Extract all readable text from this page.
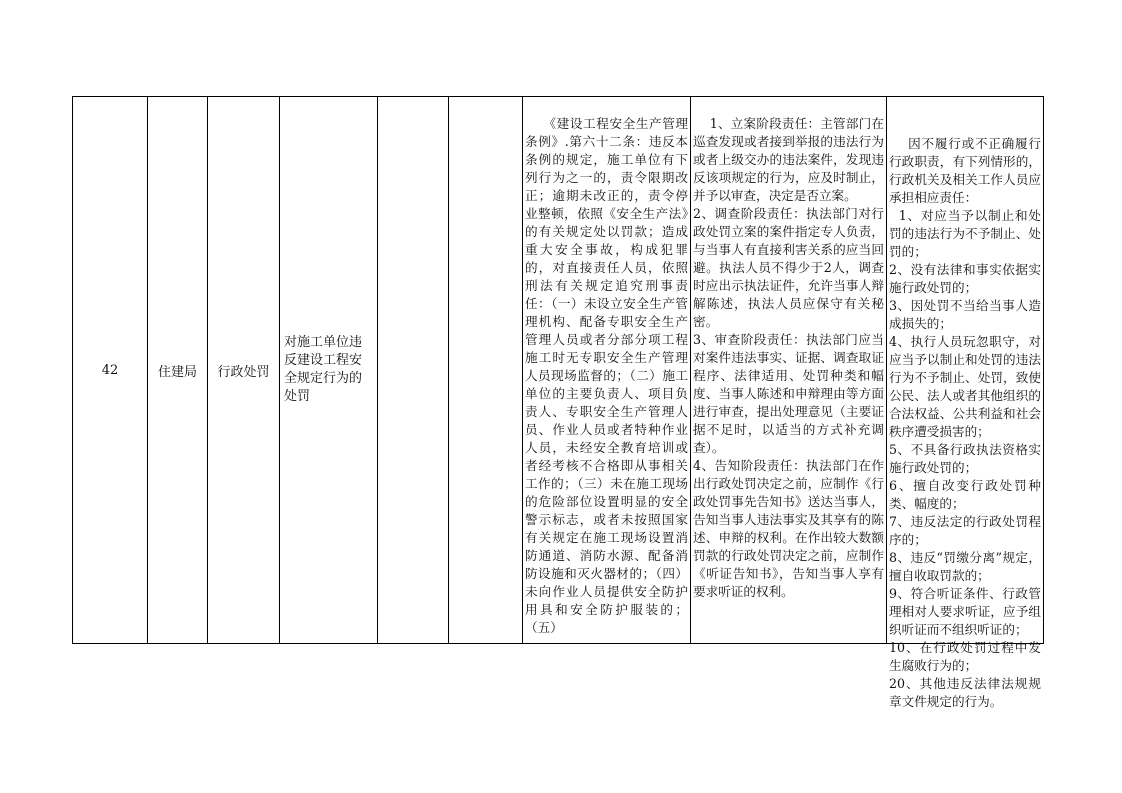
42	住建局 行政处罚
对施工单位违反建设工程安全规定行为的处罚

《建设工程安全生产管理条例》.第六十二条：违反本条例的规定，施工单位有下列行为之一的，责令限期改正；逾期未改正的，责令停业整顿，依照《安全生产法》的有关规定处以罚款；造成重大安全事故，构成犯罪的，对直接责任人员，依照刑法有关规定追究刑事责任：（一）未设立安全生产管理机构、配备专职安全生产管理人员或者分部分项工程施工时无专职安全生产管理人员现场监督的；（二）施工单位的主要负责人、项目负责人、专职安全生产管理人员、作业人员或者特种作业人员，未经安全教育培训或者经考核不合格即从事相关工作的；（三）未在施工现场的危险部位设置明显的安全警示标志，或者未按照国家有关规定在施工现场设置消防通道、消防水源、配备消防设施和灭火器材的；（四）未向作业人员提供安全防护用具和安全防护服装的；（五）

1、立案阶段责任：主管部门在巡查发现或者接到举报的违法行为或者上级交办的违法案件，发现违反该项规定的行为，应及时制止，并予以审查，决定是否立案。
2、调查阶段责任：执法部门对行政处罚立案的案件指定专人负责，与当事人有直接利害关系的应当回避。执法人员不得少于2人，调查时应出示执法证件，允许当事人辩解陈述，执法人员应保守有关秘密。
3、审查阶段责任：执法部门应当对案件违法事实、证据、调查取证程序、法律适用、处罚种类和幅度、当事人陈述和申辩理由等方面进行审查，提出处理意见（主要证据不足时，以适当的方式补充调查）。
4、告知阶段责任：执法部门在作出行政处罚决定之前，应制作《行政处罚事先告知书》送达当事人，告知当事人违法事实及其享有的陈述、申辩的权利。在作出较大数额罚款的行政处罚决定之前，应制作《听证告知书》，告知当事人享有要求听证的权利。

因不履行或不正确履行行政职责，有下列情形的，行政机关及相关工作人员应承担相应责任：
1、对应当予以制止和处罚的违法行为不予制止、处罚的；
2、没有法律和事实依据实施行政处罚的；
3、因处罚不当给当事人造成损失的；
4、执行人员玩忽职守，对应当予以制止和处罚的违法行为不予制止、处罚，致使公民、法人或者其他组织的合法权益、公共利益和社会秩序遭受损害的；
5、不具备行政执法资格实施行政处罚的；
6、擅自改变行政处罚种类、幅度的；
7、违反法定的行政处罚程序的；
8、违反“罚缴分离”规定，擅自收取罚款的；
9、符合听证条件、行政管理相对人要求听证，应予组织听证而不组织听证的；
10、在行政处罚过程中发生腐败行为的；
20、其他违反法律法规规章文件规定的行为。
